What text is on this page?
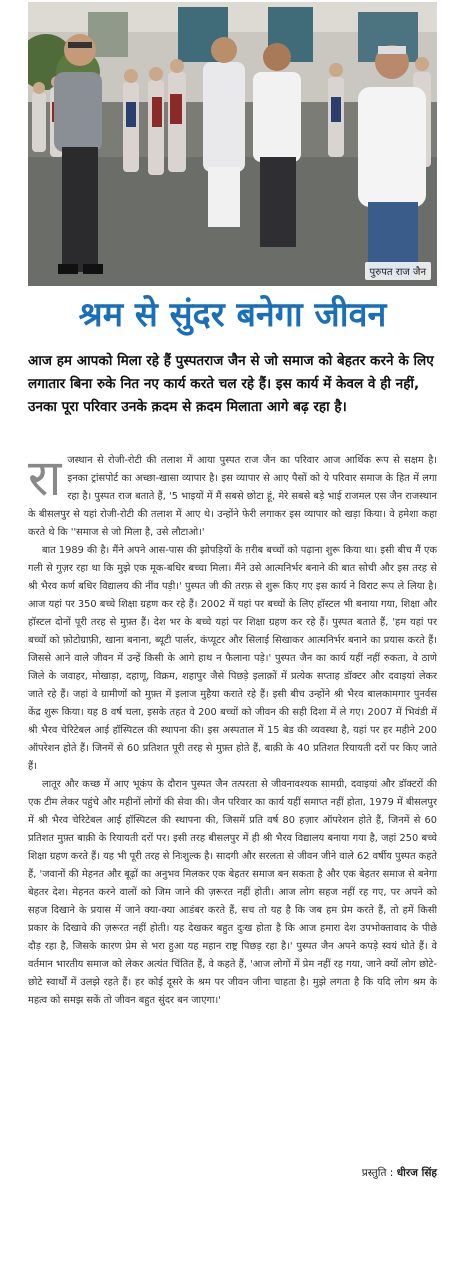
पुरुपत राज जैन
श्रम से सुंदर बनेगा जीवन
आज हम आपको मिला रहे हैं पुस्पतराज जैन से जो समाज को बेहतर करने के लिए लगातार बिना रुके नित नए कार्य करते चल रहे हैं। इस कार्य में केवल वे ही नहीं, उनका पूरा परिवार उनके क़दम से क़दम मिलाता आगे बढ़ रहा है।

राजस्थान से रोजी-रोटी की तलाश में आया पुस्पत राज जैन का परिवार आज आर्थिक रूप से सक्षम है। इनका ट्रांसपोर्ट का अच्छा-खासा व्यापार है। इस व्यापार से आए पैसों को ये परिवार समाज के हित में लगा रहा है। पुस्पत राज बताते हैं, '5 भाइयों में मैं सबसे छोटा हूं, मेरे सबसे बड़े भाई राजमल एस जैन राजस्थान के बीसलपुर से यहां रोजी-रोटी की तलाश में आए थे। उन्होंने फेरी लगाकर इस व्यापार को खड़ा किया। वे हमेशा कहा करते थे कि ''समाज से जो मिला है, उसे लौटाओ।'

बात 1989 की है। मैंने अपने आस-पास की झोपड़ियों के ग़रीब बच्चों को पढ़ाना शुरू किया था। इसी बीच मैं एक गली से गुज़र रहा था कि मुझे एक मूक-बधिर बच्चा मिला। मैंने उसे आत्मनिर्भर बनाने की बात सोची और इस तरह से श्री भैरव कर्ण बधिर विद्यालय की नींव पड़ी।' पुस्पत जी की तरफ़ से शुरू किए गए इस कार्य ने विराट रूप ले लिया है। आज यहां पर 350 बच्चे शिक्षा ग्रहण कर रहे हैं। 2002 में यहां पर बच्चों के लिए हॉस्टल भी बनाया गया, शिक्षा और हॉस्टल दोनों पूरी तरह से मुफ़्त हैं। देश भर के बच्चे यहां पर शिक्षा ग्रहण कर रहे हैं। पुस्पत बताते हैं, 'हम यहां पर बच्चों को फ़ोटोग्राफ़ी, खाना बनाना, ब्यूटी पार्लर, कंप्यूटर और सिलाई सिखाकर आत्मनिर्भर बनाने का प्रयास करते हैं। जिससे आने वाले जीवन में उन्हें किसी के आगे हाथ न फैलाना पड़े।' पुस्पत जैन का कार्य यहीं नहीं रुकता, वे ठाणे जिले के जवाहर, मोखाड़ा, दहाणू, विक्रम, शहापुर जैसे पिछड़े इलाक़ों में प्रत्येक सप्ताह डॉक्टर और दवाइयां लेकर जाते रहे हैं। जहां वे ग्रामीणों को मुफ़्त में इलाज मुहैया कराते रहे हैं। इसी बीच उन्होंने श्री भैरव बालकामगार पुनर्वस केंद्र शुरू किया। यह 8 वर्ष चला, इसके तहत वे 200 बच्चों को जीवन की सही दिशा में ले गए। 2007 में भिवंडी में श्री भैरव चेरिटेबल आई हॉस्पिटल की स्थापना की। इस अस्पताल में 15 बेड की व्यवस्था है, यहां पर हर महीने 200 ऑपरेशन होते हैं। जिनमें से 60 प्रतिशत पूरी तरह से मुफ़्त होते हैं, बाक़ी के 40 प्रतिशत रियायती दरों पर किए जाते हैं।

लातूर और कच्छ में आए भूकंप के दौरान पुस्पत जैन तत्परता से जीवनावश्यक सामग्री, दवाइयां और डॉक्टरों की एक टीम लेकर पहुंचे और महीनों लोगों की सेवा की। जैन परिवार का कार्य यहीं समाप्त नहीं होता, 1979 में बीसलपुर में श्री भैरव चेरिटेबल आई हॉस्पिटल की स्थापना की, जिसमें प्रति वर्ष 80 हज़ार ऑपरेशन होते हैं, जिनमें से 60 प्रतिशत मुफ़्त बाक़ी के रियायती दरों पर। इसी तरह बीसलपुर में ही श्री भैरव विद्यालय बनाया गया है, जहां 250 बच्चे शिक्षा ग्रहण करते हैं। यह भी पूरी तरह से निःशुल्क है। सादगी और सरलता से जीवन जीने वाले 62 वर्षीय पुस्पत कहते हैं, 'जवानों की मेहनत और बूढ़ों का अनुभव मिलकर एक बेहतर समाज बन सकता है और एक बेहतर समाज से बनेगा बेहतर देश। मेहनत करने वालों को जिम जाने की ज़रूरत नहीं होती। आज लोग सहज नहीं रह गए, पर अपने को सहज दिखाने के प्रयास में जाने क्या-क्या आडंबर करते हैं, सच तो यह है कि जब हम प्रेम करते हैं, तो हमें किसी प्रकार के दिखावे की ज़रूरत नहीं होती। यह देखकर बहुत दुःख होता है कि आज हमारा देश उपभोक्तावाद के पीछे दौड़ रहा है, जिसके कारण प्रेम से भरा हुआ यह महान राष्ट्र पिछड़ रहा है।' पुस्पत जैन अपने कपड़े स्वयं धोते हैं। वे वर्तमान भारतीय समाज को लेकर अत्यंत चिंतित हैं, वे कहते हैं, 'आज लोगों में प्रेम नहीं रह गया, जाने क्यों लोग छोटे-छोटे स्वार्थों में उलझे रहते हैं। हर कोई दूसरे के श्रम पर जीवन जीना चाहता है। मुझे लगता है कि यदि लोग श्रम के महत्व को समझ सकें तो जीवन बहुत सुंदर बन जाएगा।'

प्रस्तुति : धीरज सिंह
